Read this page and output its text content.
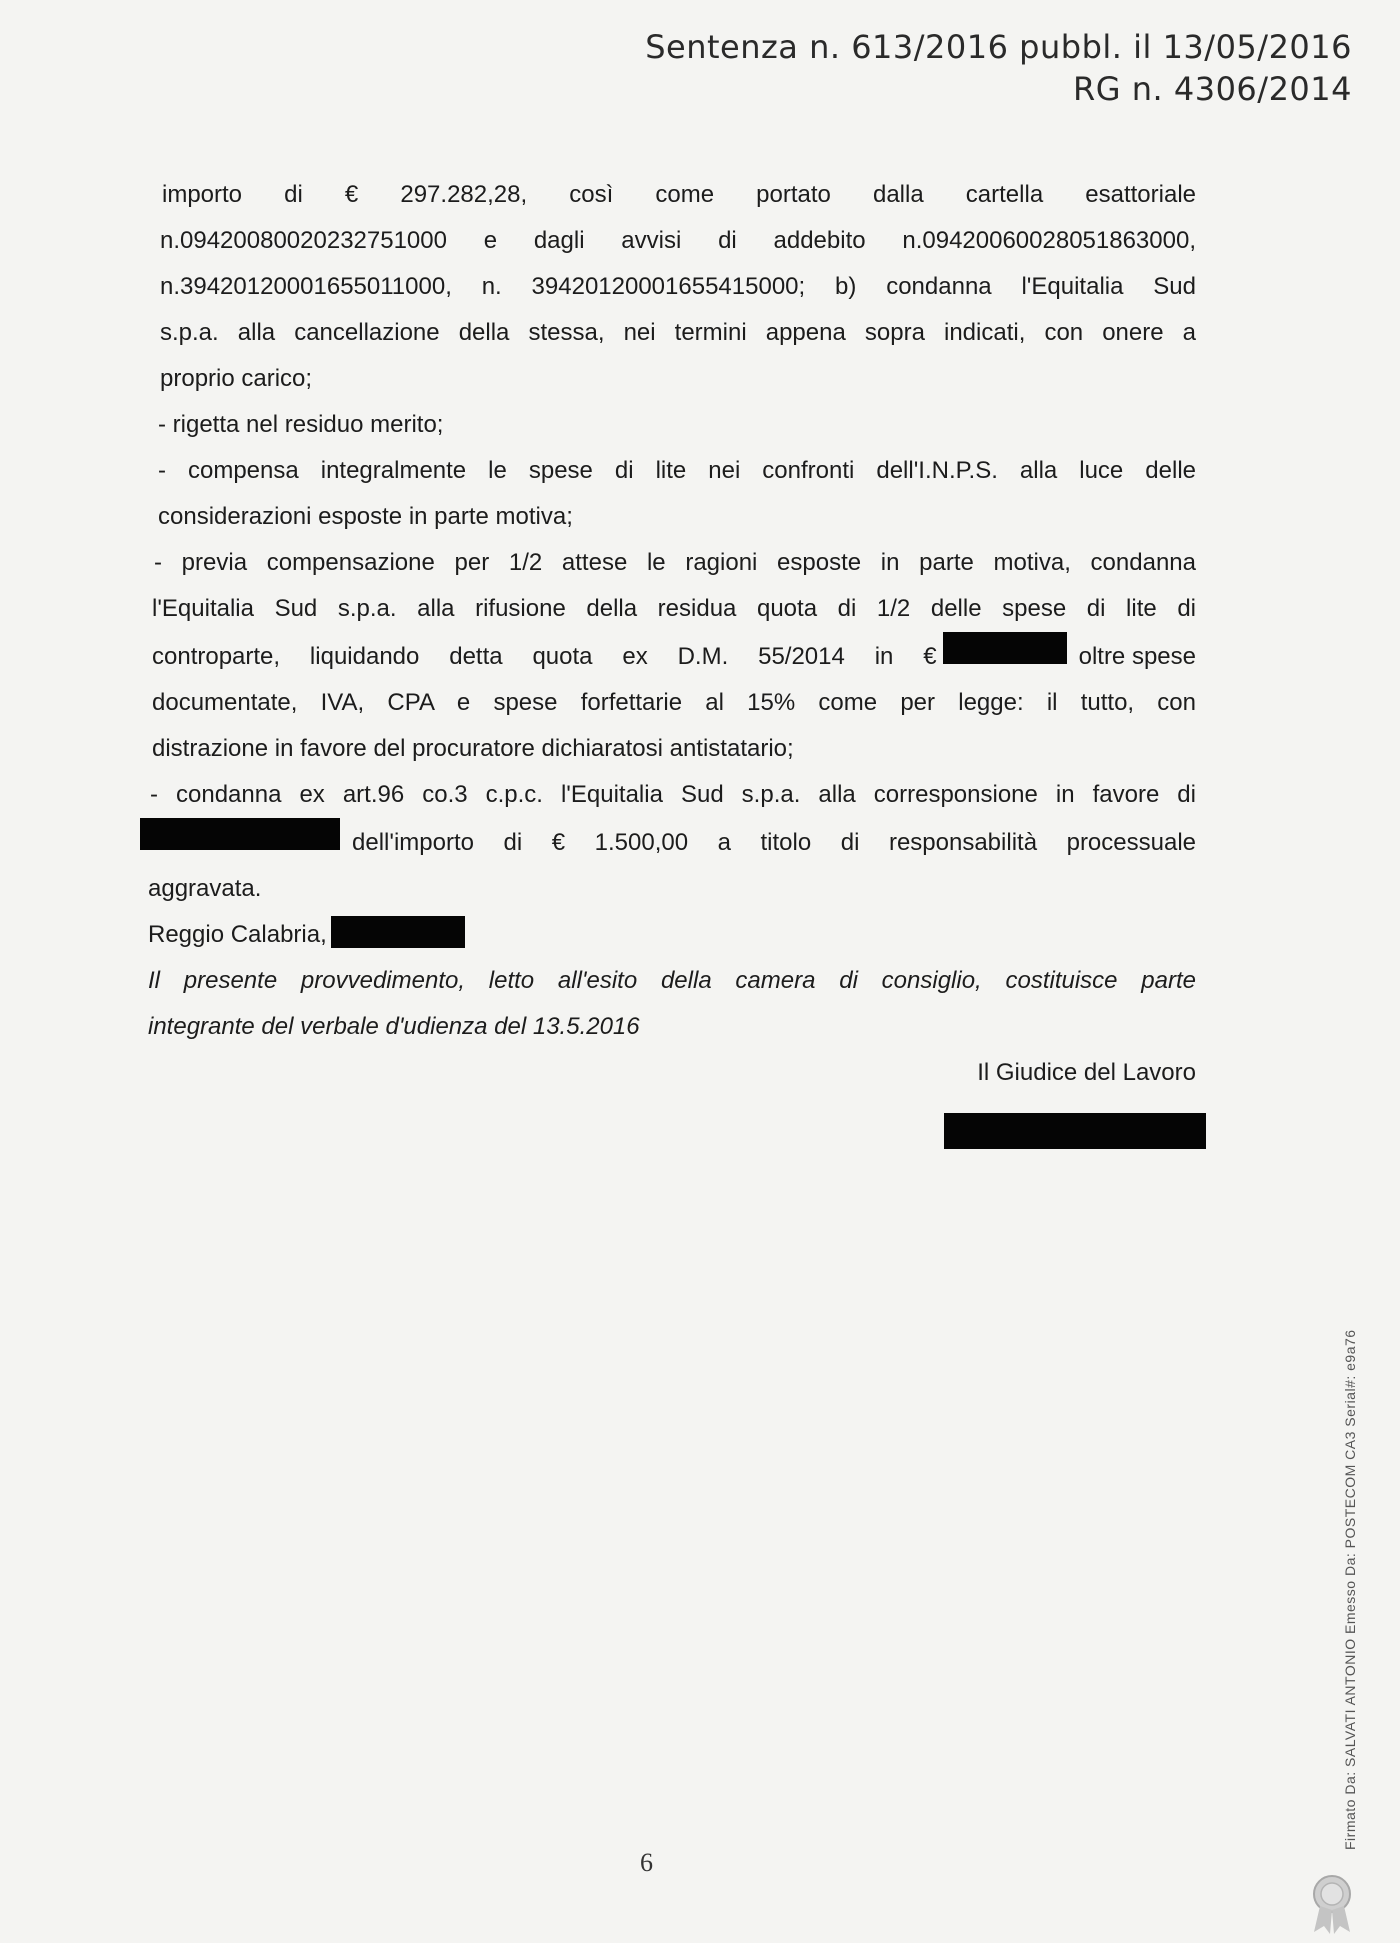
Sentenza n. 613/2016 pubbl. il 13/05/2016
RG n. 4306/2014
importo di € 297.282,28, così come portato dalla cartella esattoriale
n.09420080020232751000 e dagli avvisi di addebito n.09420060028051863000,
n.39420120001655011000, n. 39420120001655415000; b) condanna l'Equitalia Sud
s.p.a. alla cancellazione della stessa, nei termini appena sopra indicati, con onere a
proprio carico;
- rigetta nel residuo merito;
- compensa integralmente le spese di lite nei confronti dell'I.N.P.S. alla luce delle
considerazioni esposte in parte motiva;
- previa compensazione per 1/2 attese le ragioni esposte in parte motiva, condanna
l'Equitalia Sud s.p.a. alla rifusione della residua quota di 1/2 delle spese di lite di
controparte, liquidando detta quota ex D.M. 55/2014 in €	oltre spese
documentate, IVA, CPA e spese forfettarie al 15% come per legge: il tutto, con
distrazione in favore del procuratore dichiaratosi antistatario;
- condanna ex art.96 co.3 c.p.c. l'Equitalia Sud s.p.a. alla corresponsione in favore di
dell'importo di € 1.500,00 a titolo di responsabilità processuale
aggravata.
Reggio Calabria,
Il presente provvedimento, letto all'esito della camera di consiglio, costituisce parte
integrante del verbale d'udienza del 13.5.2016
Il Giudice del Lavoro
6
Firmato Da: SALVATI ANTONIO Emesso Da: POSTECOM CA3 Serial#: e9a76
